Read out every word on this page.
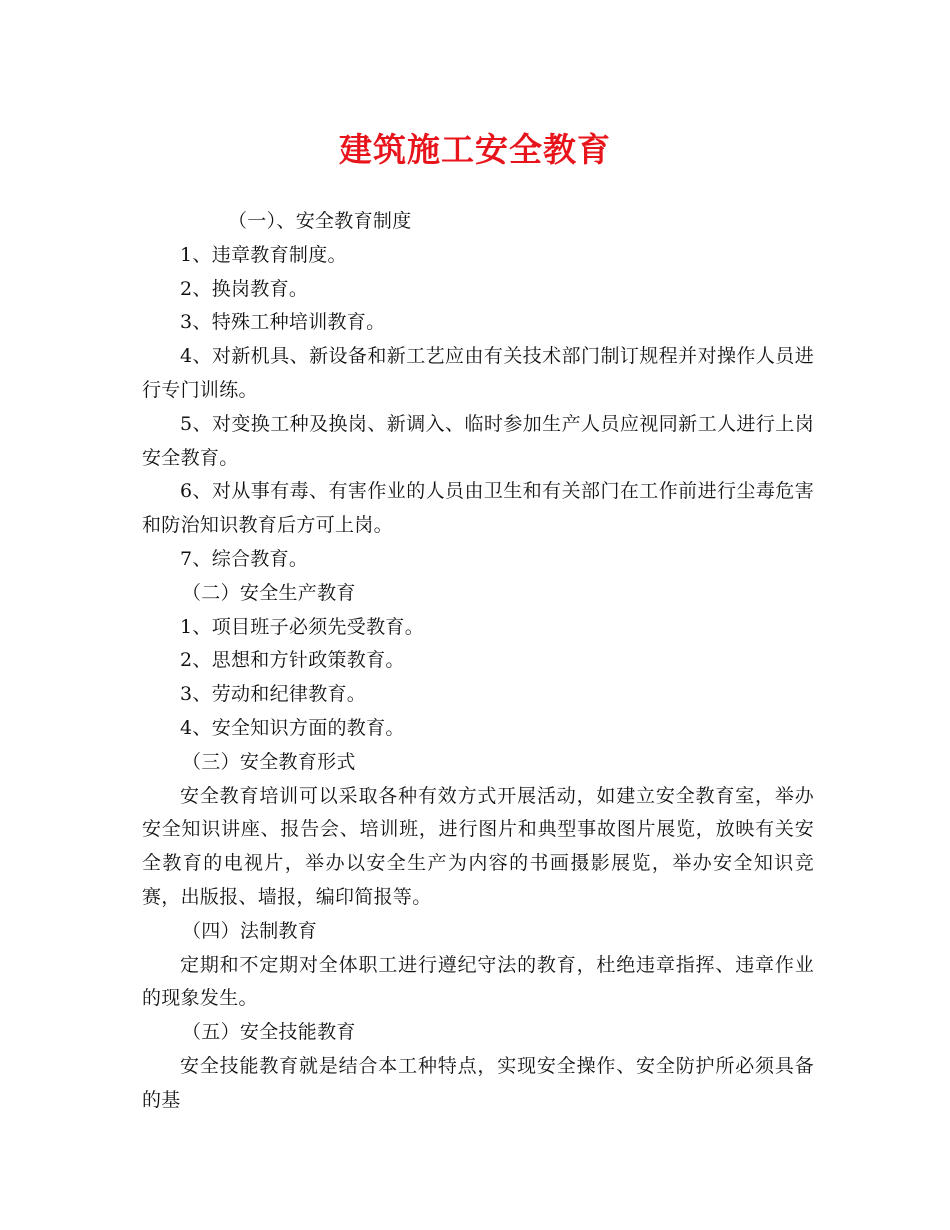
建筑施工安全教育

（一）、安全教育制度

1、违章教育制度。

2、换岗教育。

3、特殊工种培训教育。

4、对新机具、新设备和新工艺应由有关技术部门制订规程并对操作人员进行专门训练。

5、对变换工种及换岗、新调入、临时参加生产人员应视同新工人进行上岗安全教育。

6、对从事有毒、有害作业的人员由卫生和有关部门在工作前进行尘毒危害和防治知识教育后方可上岗。

7、综合教育。

（二）安全生产教育

1、项目班子必须先受教育。

2、思想和方针政策教育。

3、劳动和纪律教育。

4、安全知识方面的教育。

（三）安全教育形式

安全教育培训可以采取各种有效方式开展活动，如建立安全教育室，举办安全知识讲座、报告会、培训班，进行图片和典型事故图片展览，放映有关安全教育的电视片，举办以安全生产为内容的书画摄影展览，举办安全知识竞赛，出版报、墙报，编印简报等。

（四）法制教育

定期和不定期对全体职工进行遵纪守法的教育，杜绝违章指挥、违章作业的现象发生。

（五）安全技能教育

安全技能教育就是结合本工种特点，实现安全操作、安全防护所必须具备的基
